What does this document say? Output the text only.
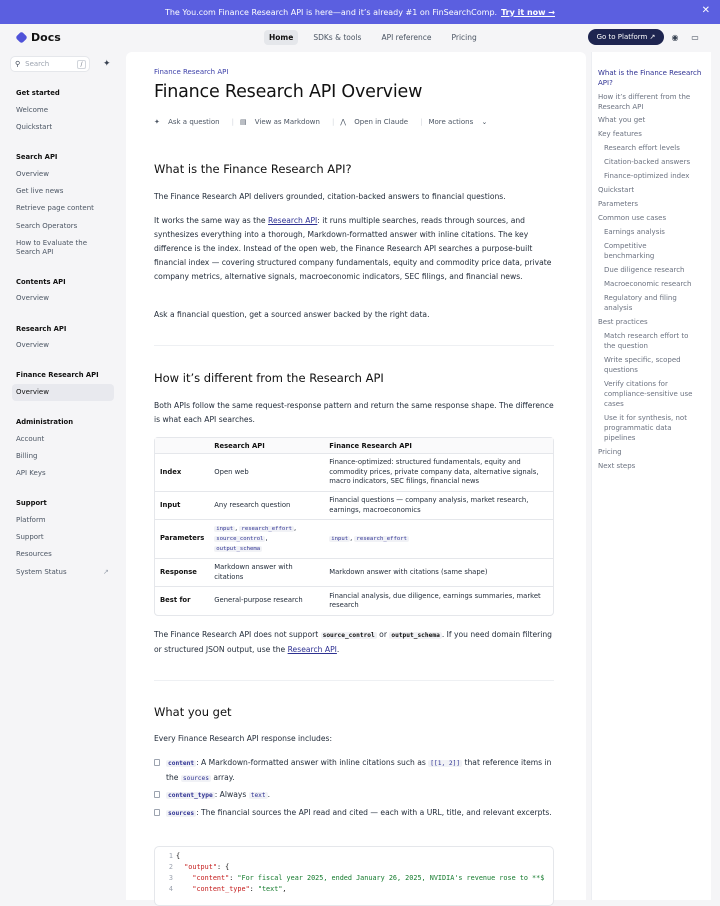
The You.com Finance Research API is here—and it’s already #1 on FinSearchComp. Try it now →	✕
Docs	Home	SDKs & tools	API reference	Pricing	Go to Platform ↗	◉ ▭
⚲ Search	/	✦
Get started
Welcome
Quickstart
Search API
Overview
Get live news
Retrieve page content
Search Operators
How to Evaluate the Search API
Contents API
Overview
Research API
Overview
Finance Research API
Overview
Administration
Account
Billing
API Keys
Support
Platform
Support
Resources
System Status	↗
Finance Research API
Finance Research API Overview
✦ Ask a question	| ▤ View as Markdown	| ⋀ Open in Claude	| More actions ⌄
What is the Finance Research API?
The Finance Research API delivers grounded, citation-backed answers to financial questions.
It works the same way as the Research API: it runs multiple searches, reads through sources, and synthesizes everything into a thorough, Markdown-formatted answer with inline citations. The key difference is the index. Instead of the open web, the Finance Research API searches a purpose-built financial index — covering structured company fundamentals, equity and commodity price data, private company metrics, alternative signals, macroeconomic indicators, SEC filings, and financial news.
Ask a financial question, get a sourced answer backed by the right data.
How it’s different from the Research API
Both APIs follow the same request-response pattern and return the same response shape. The difference is what each API searches.
	Research API	Finance Research API
Index	Open web	Finance-optimized: structured fundamentals, equity and commodity prices, private company data, alternative signals, macro indicators, SEC filings, financial news
Input	Any research question	Financial questions — company analysis, market research, earnings, macroeconomics
Parameters	input , research_effort ,
source_control ,
output_schema	input , research_effort
Response	Markdown answer with citations	Markdown answer with citations (same shape)
Best for	General-purpose research	Financial analysis, due diligence, earnings summaries, market research
The Finance Research API does not support source_control or output_schema . If you need domain filtering or structured JSON output, use the Research API.
What you get
Every Finance Research API response includes:
content : A Markdown-formatted answer with inline citations such as [[1, 2]] that reference items in the sources array.
content_type : Always text .
sources : The financial sources the API read and cited — each with a URL, title, and relevant excerpts.
1 {
2 "output": {
3	"content": "For fiscal year 2025, ended January 26, 2025, NVIDIA's revenue rose to **$
4	"content_type": "text",
What is the Finance Research API?
How it’s different from the Research API
What you get
Key features
Research effort levels
Citation-backed answers
Finance-optimized index
Quickstart
Parameters
Common use cases
Earnings analysis
Competitive benchmarking
Due diligence research
Macroeconomic research
Regulatory and filing analysis
Best practices
Match research effort to the question
Write specific, scoped questions
Verify citations for compliance-sensitive use cases
Use it for synthesis, not programmatic data pipelines
Pricing
Next steps
